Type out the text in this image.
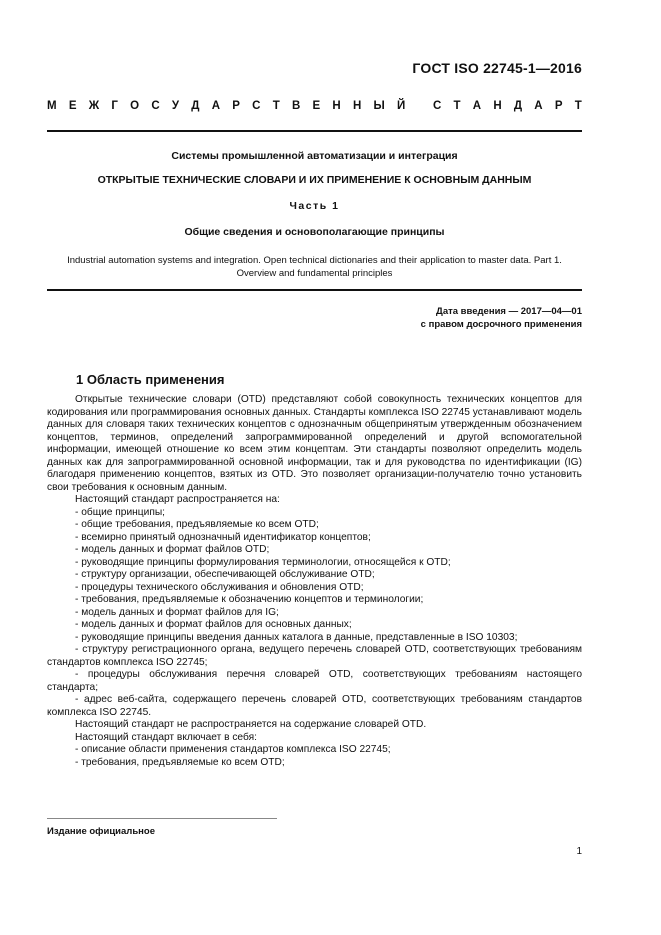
ГОСТ ISO 22745-1—2016
М Е Ж Г О С У Д А Р С Т В Е Н Н Ы Й
С Т А Н Д А Р Т
Системы промышленной автоматизации и интеграция
ОТКРЫТЫЕ ТЕХНИЧЕСКИЕ СЛОВАРИ И ИХ ПРИМЕНЕНИЕ К ОСНОВНЫМ ДАННЫМ
Часть 1
Общие сведения и основополагающие принципы
Industrial automation systems and integration. Open technical dictionaries and their application to master data. Part 1.
Overview and fundamental principles
Дата введения — 2017—04—01
с правом досрочного применения
1 Область применения

Открытые технические словари (OTD) представляют собой совокупность технических концептов для кодирования или программирования основных данных. Стандарты комплекса ISO 22745 устанавливают модель данных для словаря таких технических концептов с однозначным общепринятым утвержденным обозначением концептов, терминов, определений запрограммированной определений и другой вспомогательной информации, имеющей отношение ко всем этим концептам. Эти стандарты позволяют определить модель данных как для запрограммированной основной информации, так и для руководства по идентификации (IG) благодаря применению концептов, взятых из OTD. Это позволяет организации-получателю точно установить свои требования к основным данным.

Настоящий стандарт распространяется на:

- общие принципы;

- общие требования, предъявляемые ко всем OTD;

- всемирно принятый однозначный идентификатор концептов;

- модель данных и формат файлов OTD;

- руководящие принципы формулирования терминологии, относящейся к OTD;

- структуру организации, обеспечивающей обслуживание OTD;

- процедуры технического обслуживания и обновления OTD;

- требования, предъявляемые к обозначению концептов и терминологии;

- модель данных и формат файлов для IG;

- модель данных и формат файлов для основных данных;

- руководящие принципы введения данных каталога в данные, представленные в ISO 10303;

- структуру регистрационного органа, ведущего перечень словарей OTD, соответствующих требованиям стандартов комплекса ISO 22745;

- процедуры обслуживания перечня словарей OTD, соответствующих требованиям настоящего стандарта;

- адрес веб-сайта, содержащего перечень словарей OTD, соответствующих требованиям стандартов комплекса ISO 22745.

Настоящий стандарт не распространяется на содержание словарей OTD.

Настоящий стандарт включает в себя:

- описание области применения стандартов комплекса ISO 22745;

- требования, предъявляемые ко всем OTD;

Издание официальное
1
